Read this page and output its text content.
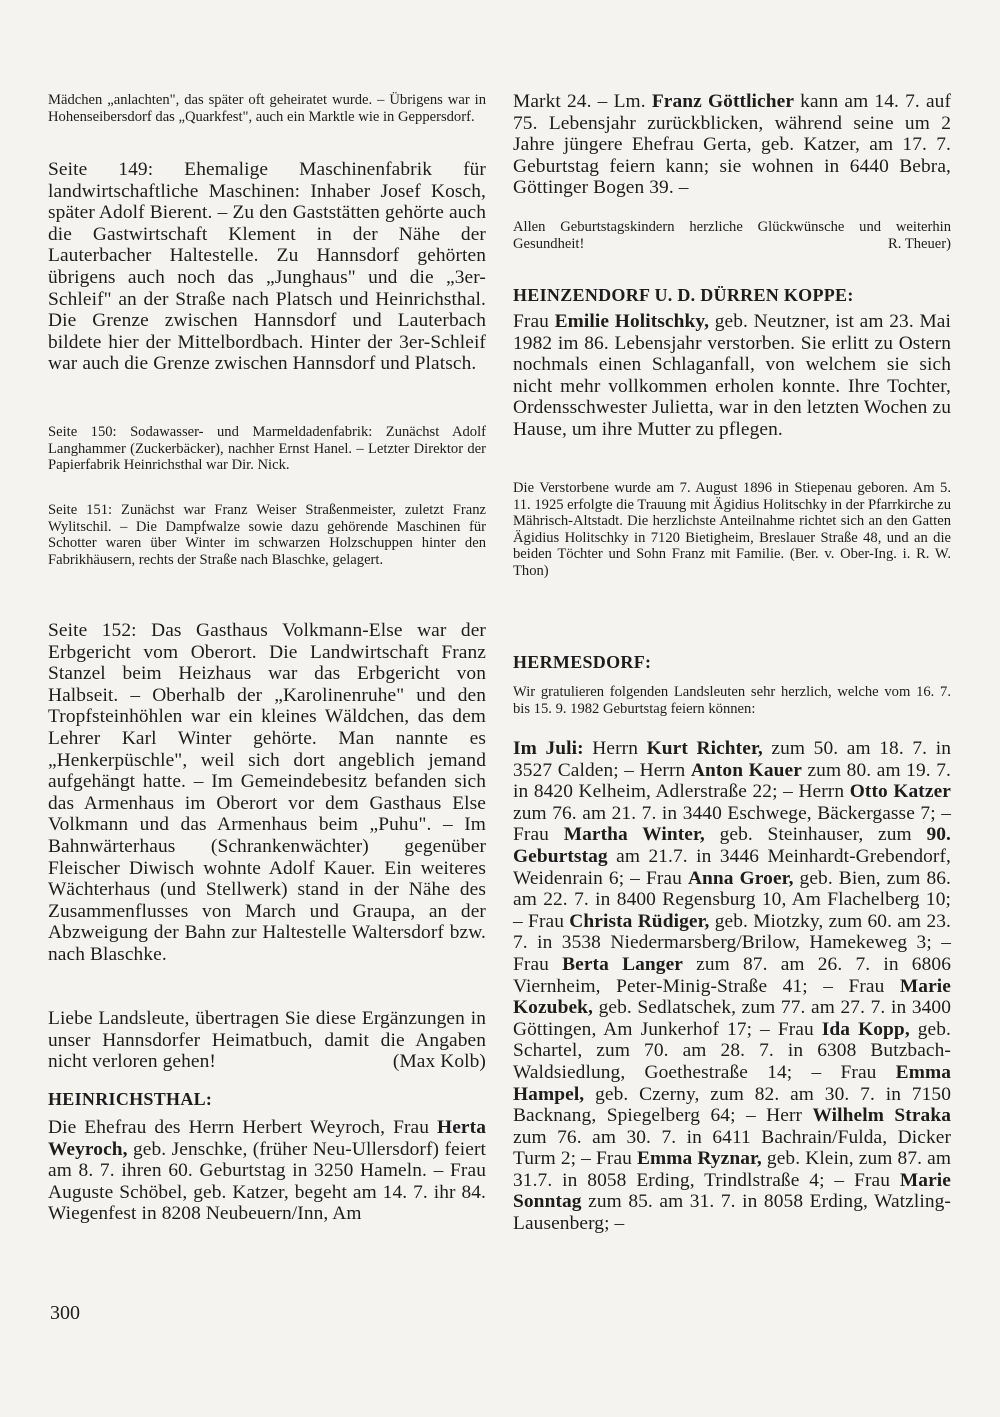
Mädchen „anlachten", das später oft geheiratet wurde. – Übrigens war in Hohenseibersdorf das „Quarkfest", auch ein Marktle wie in Geppersdorf.

Seite 149: Ehemalige Maschinenfabrik für landwirtschaftliche Maschinen: Inhaber Josef Kosch, später Adolf Bierent. – Zu den Gaststätten gehörte auch die Gastwirtschaft Klement in der Nähe der Lauterbacher Haltestelle. Zu Hannsdorf gehörten übrigens auch noch das „Junghaus" und die „3er-Schleif" an der Straße nach Platsch und Heinrichsthal. Die Grenze zwischen Hannsdorf und Lauterbach bildete hier der Mittelbordbach. Hinter der 3er-Schleif war auch die Grenze zwischen Hannsdorf und Platsch.

Seite 150: Sodawasser- und Marmeldadenfabrik: Zunächst Adolf Langhammer (Zuckerbäcker), nachher Ernst Hanel. – Letzter Direktor der Papierfabrik Heinrichsthal war Dir. Nick.

Seite 151: Zunächst war Franz Weiser Straßenmeister, zuletzt Franz Wylitschil. – Die Dampfwalze sowie dazu gehörende Maschinen für Schotter waren über Winter im schwarzen Holzschuppen hinter den Fabrikhäusern, rechts der Straße nach Blaschke, gelagert.

Seite 152: Das Gasthaus Volkmann-Else war der Erbgericht vom Oberort. Die Landwirtschaft Franz Stanzel beim Heizhaus war das Erbgericht von Halbseit. – Oberhalb der „Karolinenruhe" und den Tropfsteinhöhlen war ein kleines Wäldchen, das dem Lehrer Karl Winter gehörte. Man nannte es „Henkerpüschle", weil sich dort angeblich jemand aufgehängt hatte. – Im Gemeindebesitz befanden sich das Armenhaus im Oberort vor dem Gasthaus Else Volkmann und das Armenhaus beim „Puhu". – Im Bahnwärterhaus (Schrankenwächter) gegenüber Fleischer Diwisch wohnte Adolf Kauer. Ein weiteres Wächterhaus (und Stellwerk) stand in der Nähe des Zusammenflusses von March und Graupa, an der Abzweigung der Bahn zur Haltestelle Waltersdorf bzw. nach Blaschke.

Liebe Landsleute, übertragen Sie diese Ergänzungen in unser Hannsdorfer Heimatbuch, damit die Angaben nicht verloren gehen!	(Max Kolb)

HEINRICHSTHAL:

Die Ehefrau des Herrn Herbert Weyroch, Frau Herta Weyroch, geb. Jenschke, (früher Neu-Ullersdorf) feiert am 8. 7. ihren 60. Geburtstag in 3250 Hameln. – Frau Auguste Schöbel, geb. Katzer, begeht am 14. 7. ihr 84. Wiegenfest in 8208 Neubeuern/Inn, Am

Markt 24. – Lm. Franz Göttlicher kann am 14. 7. auf 75. Lebensjahr zurückblicken, während seine um 2 Jahre jüngere Ehefrau Gerta, geb. Katzer, am 17. 7. Geburtstag feiern kann; sie wohnen in 6440 Bebra, Göttinger Bogen 39. –

Allen Geburtstagskindern herzliche Glückwünsche und weiterhin Gesundheit!	R. Theuer)

HEINZENDORF U. D. DÜRREN KOPPE:

Frau Emilie Holitschky, geb. Neutzner, ist am 23. Mai 1982 im 86. Lebensjahr verstorben. Sie erlitt zu Ostern nochmals einen Schlaganfall, von welchem sie sich nicht mehr vollkommen erholen konnte. Ihre Tochter, Ordensschwester Julietta, war in den letzten Wochen zu Hause, um ihre Mutter zu pflegen.

Die Verstorbene wurde am 7. August 1896 in Stiepenau geboren. Am 5. 11. 1925 erfolgte die Trauung mit Ägidius Holitschky in der Pfarrkirche zu Mährisch-Altstadt. Die herzlichste Anteilnahme richtet sich an den Gatten Ägidius Holitschky in 7120 Bietigheim, Breslauer Straße 48, und an die beiden Töchter und Sohn Franz mit Familie. (Ber. v. Ober-Ing. i. R. W. Thon)

HERMESDORF:

Wir gratulieren folgenden Landsleuten sehr herzlich, welche vom 16. 7. bis 15. 9. 1982 Geburtstag feiern können:

Im Juli: Herrn Kurt Richter, zum 50. am 18. 7. in 3527 Calden; – Herrn Anton Kauer zum 80. am 19. 7. in 8420 Kelheim, Adlerstraße 22; – Herrn Otto Katzer zum 76. am 21. 7. in 3440 Eschwege, Bäckergasse 7; – Frau Martha Winter, geb. Steinhauser, zum 90. Geburtstag am 21.7. in 3446 Meinhardt-Grebendorf, Weidenrain 6; – Frau Anna Groer, geb. Bien, zum 86. am 22. 7. in 8400 Regensburg 10, Am Flachelberg 10; – Frau Christa Rüdiger, geb. Miotzky, zum 60. am 23. 7. in 3538 Niedermarsberg/Brilow, Hamekeweg 3; – Frau Berta Langer zum 87. am 26. 7. in 6806 Viernheim, Peter-Minig-Straße 41; – Frau Marie Kozubek, geb. Sedlatschek, zum 77. am 27. 7. in 3400 Göttingen, Am Junkerhof 17; – Frau Ida Kopp, geb. Schartel, zum 70. am 28. 7. in 6308 Butzbach-Waldsiedlung, Goethestraße 14; – Frau Emma Hampel, geb. Czerny, zum 82. am 30. 7. in 7150 Backnang, Spiegelberg 64; – Herr Wilhelm Straka zum 76. am 30. 7. in 6411 Bachrain/Fulda, Dicker Turm 2; – Frau Emma Ryznar, geb. Klein, zum 87. am 31.7. in 8058 Erding, Trindlstraße 4; – Frau Marie Sonntag zum 85. am 31. 7. in 8058 Erding, Watzling-Lausenberg; –

300
